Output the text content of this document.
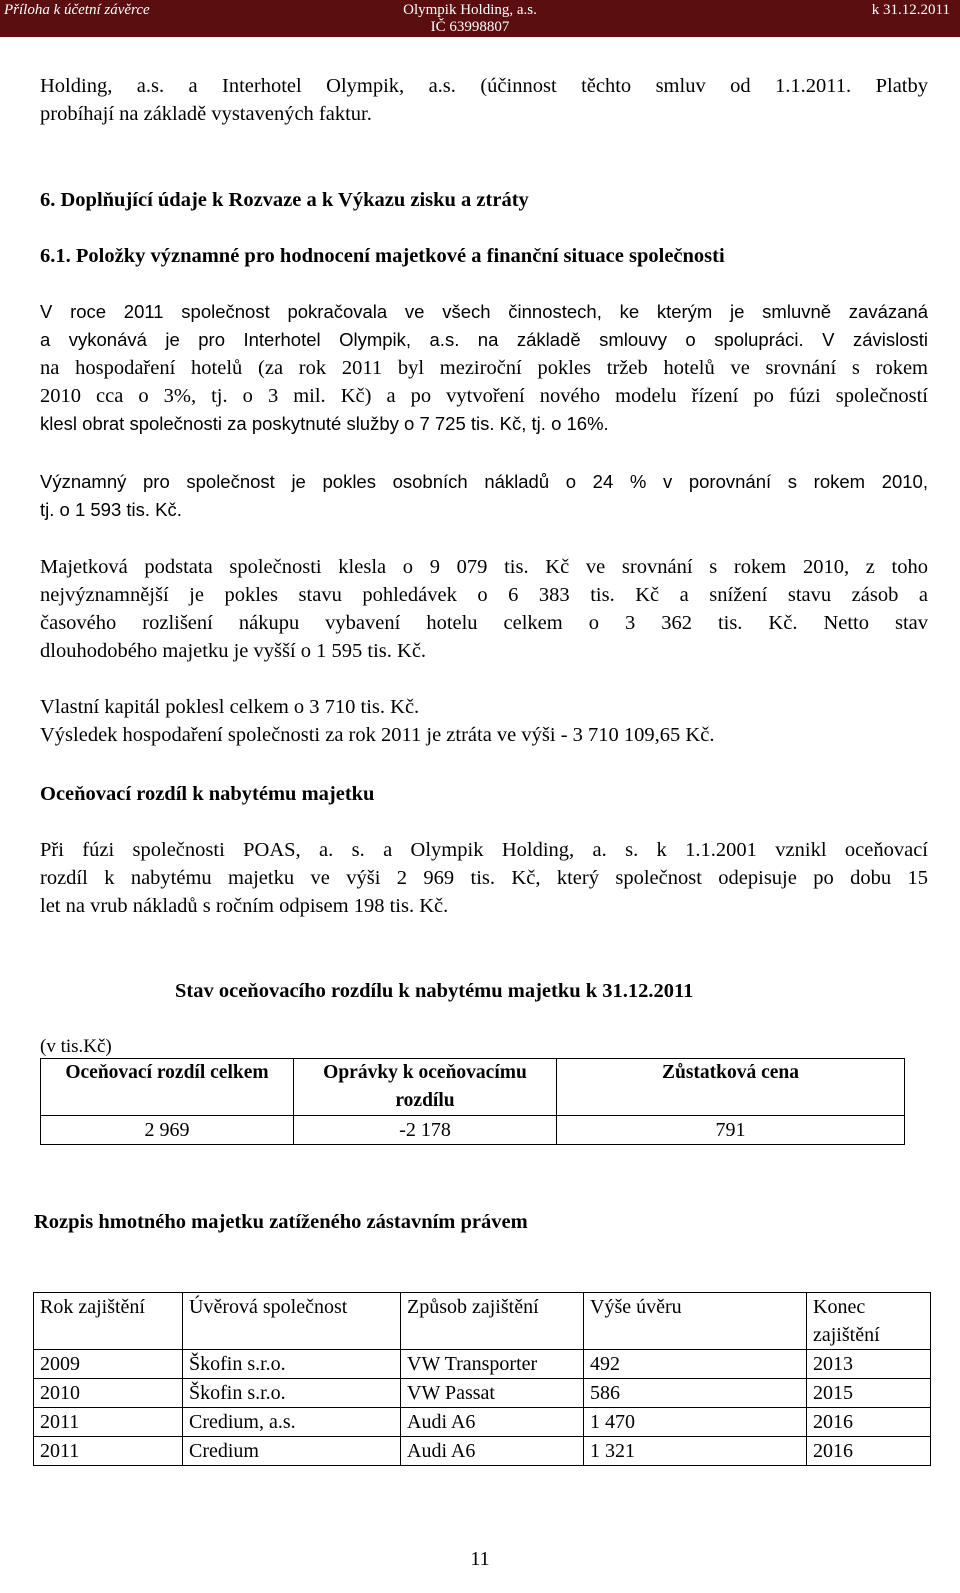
Příloha k účetní závěrce	Olympik Holding, a.s.
IČ 63998807
k 31.12.2011
Holding, a.s. a Interhotel Olympik, a.s. (účinnost těchto smluv od 1.1.2011. Platby
probíhají na základě vystavených faktur.
6. Doplňující údaje k Rozvaze a k Výkazu zisku a ztráty
6.1. Položky významné pro hodnocení majetkové a finanční situace společnosti
V roce 2011 společnost pokračovala ve všech činnostech, ke kterým je smluvně zavázaná
a vykonává je pro Interhotel Olympik, a.s. na základě smlouvy o spolupráci. V závislosti
na hospodaření hotelů (za rok 2011 byl meziroční pokles tržeb hotelů ve srovnání s rokem
2010 cca o 3%, tj. o 3 mil. Kč) a po vytvoření nového modelu řízení po fúzi společností
klesl obrat společnosti za poskytnuté služby o 7 725 tis. Kč, tj. o 16%.
Významný pro společnost je pokles osobních nákladů o 24 % v porovnání s rokem 2010,
tj. o 1 593 tis. Kč.
Majetková podstata společnosti klesla o 9 079 tis. Kč ve srovnání s rokem 2010, z toho
nejvýznamnější je pokles stavu pohledávek o 6 383 tis. Kč a snížení stavu zásob a
časového rozlišení nákupu vybavení hotelu celkem o 3 362 tis. Kč. Netto stav
dlouhodobého majetku je vyšší o 1 595 tis. Kč.
Vlastní kapitál poklesl celkem o 3 710 tis. Kč.
Výsledek hospodaření společnosti za rok 2011 je ztráta ve výši - 3 710 109,65 Kč.
Oceňovací rozdíl k nabytému majetku
Při fúzi společnosti POAS, a. s. a Olympik Holding, a. s. k 1.1.2001 vznikl oceňovací
rozdíl k nabytému majetku ve výši 2 969 tis. Kč, který společnost odepisuje po dobu 15
let na vrub nákladů s ročním odpisem 198 tis. Kč.
Stav oceňovacího rozdílu k nabytému majetku k 31.12.2011
(v tis.Kč)
Oceňovací rozdíl celkem	Oprávky k oceňovacímu rozdílu	Zůstatková cena
2 969	-2 178	791
Rozpis hmotného majetku zatíženého zástavním právem
Rok zajištění	Úvěrová společnost	Způsob zajištění	Výše úvěru	Konec zajištění
2009	Škofin s.r.o.	VW Transporter	492	2013
2010	Škofin s.r.o.	VW Passat	586	2015
2011	Credium, a.s.	Audi A6	1 470	2016
2011	Credium	Audi A6	1 321	2016
11
